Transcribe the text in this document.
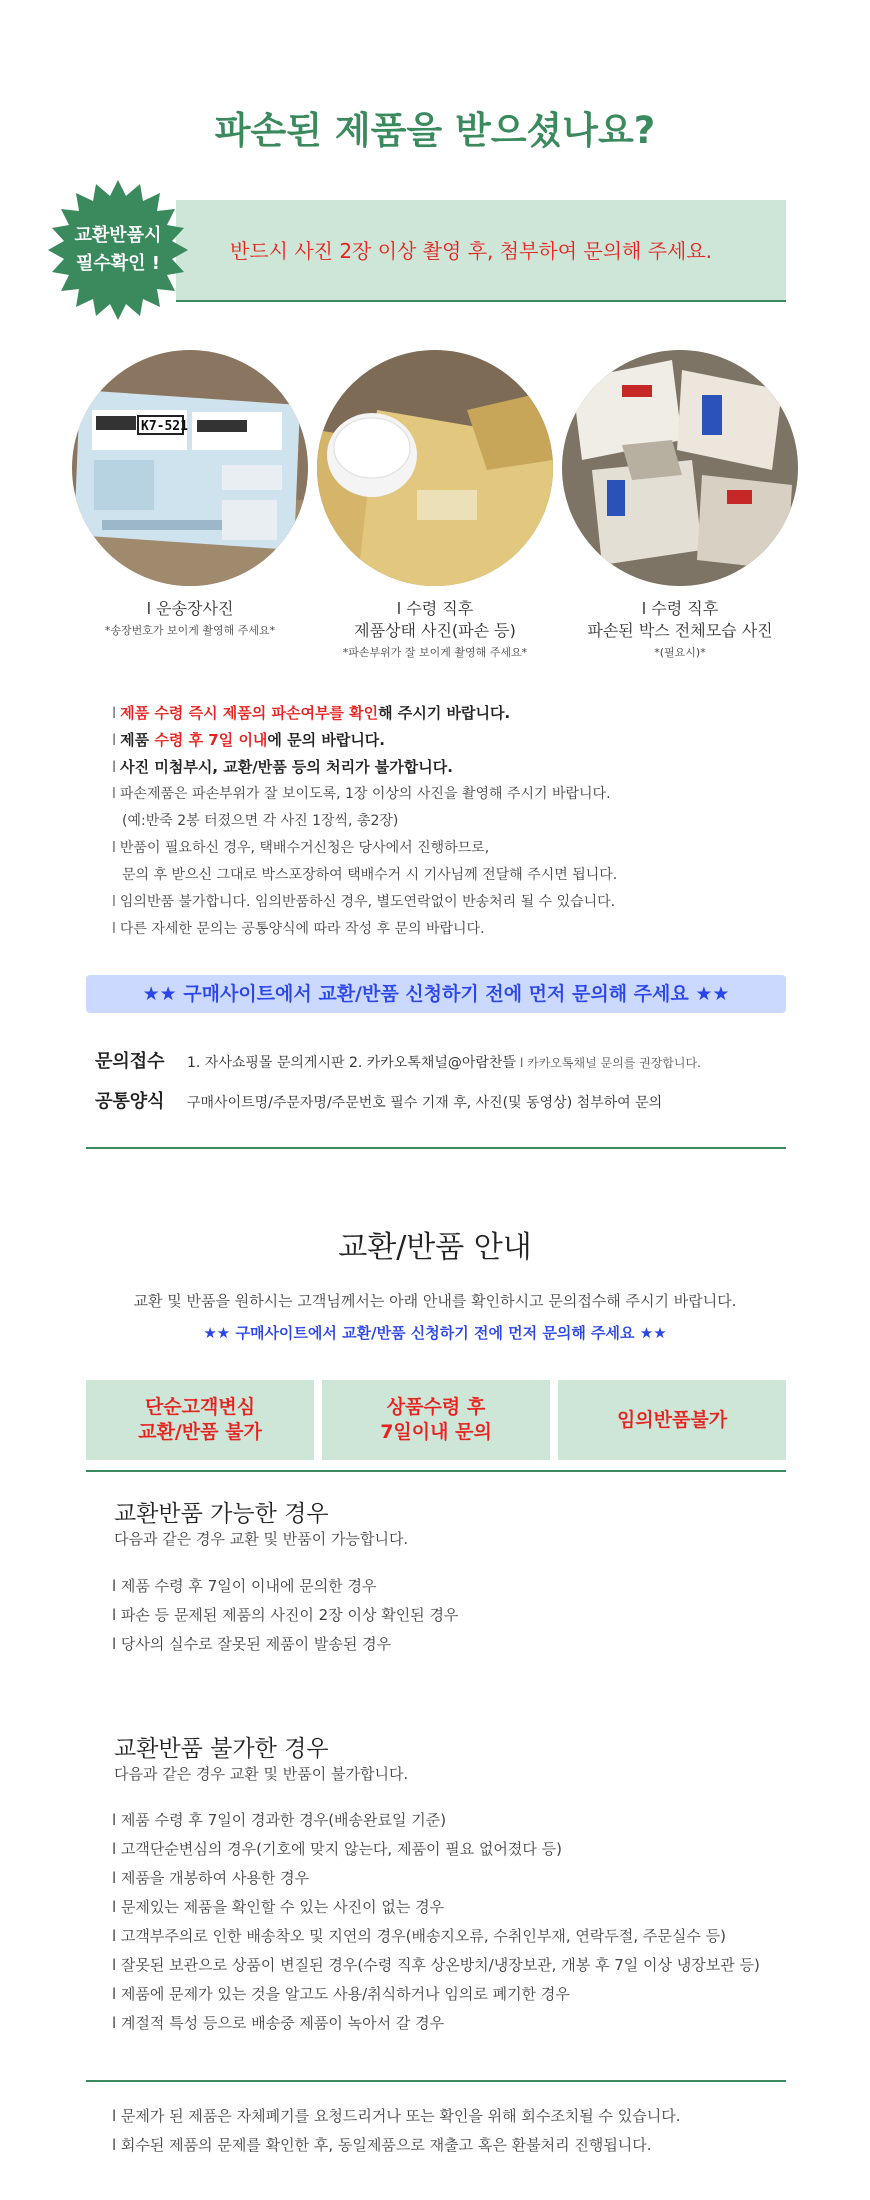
파손된 제품을 받으셨나요?
교환반품시
필수확인 !
반드시 사진 2장 이상 촬영 후, 첨부하여 문의해 주세요.
K7-521
l 운송장사진
*송장번호가 보이게 촬영해 주세요*
l 수령 직후
제품상태 사진(파손 등)
*파손부위가 잘 보이게 촬영해 주세요*
l 수령 직후
파손된 박스 전체모습 사진
*(필요시)*
l 제품 수령 즉시 제품의 파손여부를 확인해 주시기 바랍니다.
l 제품 수령 후 7일 이내에 문의 바랍니다.
l 사진 미첨부시, 교환/반품 등의 처리가 불가합니다.
l 파손제품은 파손부위가 잘 보이도록, 1장 이상의 사진을 촬영해 주시기 바랍니다.
(예:반죽 2봉 터졌으면 각 사진 1장씩, 총2장)
l 반품이 필요하신 경우, 택배수거신청은 당사에서 진행하므로,
문의 후 받으신 그대로 박스포장하여 택배수거 시 기사님께 전달해 주시면 됩니다.
l 임의반품 불가합니다. 임의반품하신 경우, 별도연락없이 반송처리 될 수 있습니다.
l 다른 자세한 문의는 공통양식에 따라 작성 후 문의 바랍니다.
★★ 구매사이트에서 교환/반품 신청하기 전에 먼저 문의해 주세요 ★★
문의접수 1. 자사쇼핑몰 문의게시판 2. 카카오톡채널@아람찬뜰 l 카카오톡채널 문의를 권장합니다.
공통양식 구매사이트명/주문자명/주문번호 필수 기재 후, 사진(및 동영상) 첨부하여 문의
교환/반품 안내
교환 및 반품을 원하시는 고객님께서는 아래 안내를 확인하시고 문의접수해 주시기 바랍니다.
★★ 구매사이트에서 교환/반품 신청하기 전에 먼저 문의해 주세요 ★★
단순고객변심
교환/반품 불가
상품수령 후
7일이내 문의
임의반품불가
교환반품 가능한 경우
다음과 같은 경우 교환 및 반품이 가능합니다.
l 제품 수령 후 7일이 이내에 문의한 경우
l 파손 등 문제된 제품의 사진이 2장 이상 확인된 경우
l 당사의 실수로 잘못된 제품이 발송된 경우
교환반품 불가한 경우
다음과 같은 경우 교환 및 반품이 불가합니다.
l 제품 수령 후 7일이 경과한 경우(배송완료일 기준)
l 고객단순변심의 경우(기호에 맞지 않는다, 제품이 필요 없어졌다 등)
l 제품을 개봉하여 사용한 경우
l 문제있는 제품을 확인할 수 있는 사진이 없는 경우
l 고객부주의로 인한 배송착오 및 지연의 경우(배송지오류, 수취인부재, 연락두절, 주문실수 등)
l 잘못된 보관으로 상품이 변질된 경우(수령 직후 상온방치/냉장보관, 개봉 후 7일 이상 냉장보관 등)
l 제품에 문제가 있는 것을 알고도 사용/취식하거나 임의로 폐기한 경우
l 계절적 특성 등으로 배송중 제품이 녹아서 갈 경우
l 문제가 된 제품은 자체폐기를 요청드리거나 또는 확인을 위해 회수조치될 수 있습니다.
l 회수된 제품의 문제를 확인한 후, 동일제품으로 재출고 혹은 환불처리 진행됩니다.
